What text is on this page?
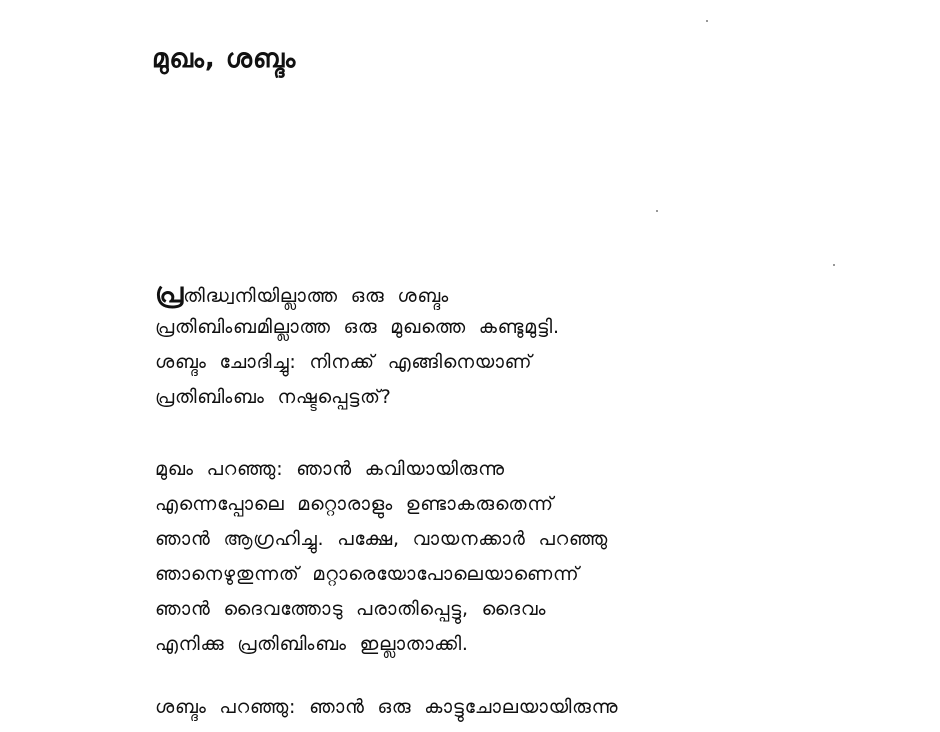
മുഖം, ശബ്ദം
പ്രതിദ്ധ്വനിയില്ലാത്ത ഒരു ശബ്ദം
പ്രതിബിംബമില്ലാത്ത ഒരു മുഖത്തെ കണ്ടുമുട്ടി.
ശബ്ദം ചോദിച്ചു: നിനക്ക് എങ്ങിനെയാണ്
പ്രതിബിംബം നഷ്ടപ്പെട്ടത്?
മുഖം പറഞ്ഞു: ഞാൻ കവിയായിരുന്നു
എന്നെപ്പോലെ മറ്റൊരാളും ഉണ്ടാകരുതെന്ന്
ഞാൻ ആഗ്രഹിച്ചു. പക്ഷേ, വായനക്കാർ പറഞ്ഞു
ഞാനെഴുതുന്നത് മറ്റാരെയോപോലെയാണെന്ന്
ഞാൻ ദൈവത്തോടു പരാതിപ്പെട്ടു, ദൈവം
എനിക്കു പ്രതിബിംബം ഇല്ലാതാക്കി.
ശബ്ദം പറഞ്ഞു: ഞാൻ ഒരു കാട്ടുചോലയായിരുന്നു
